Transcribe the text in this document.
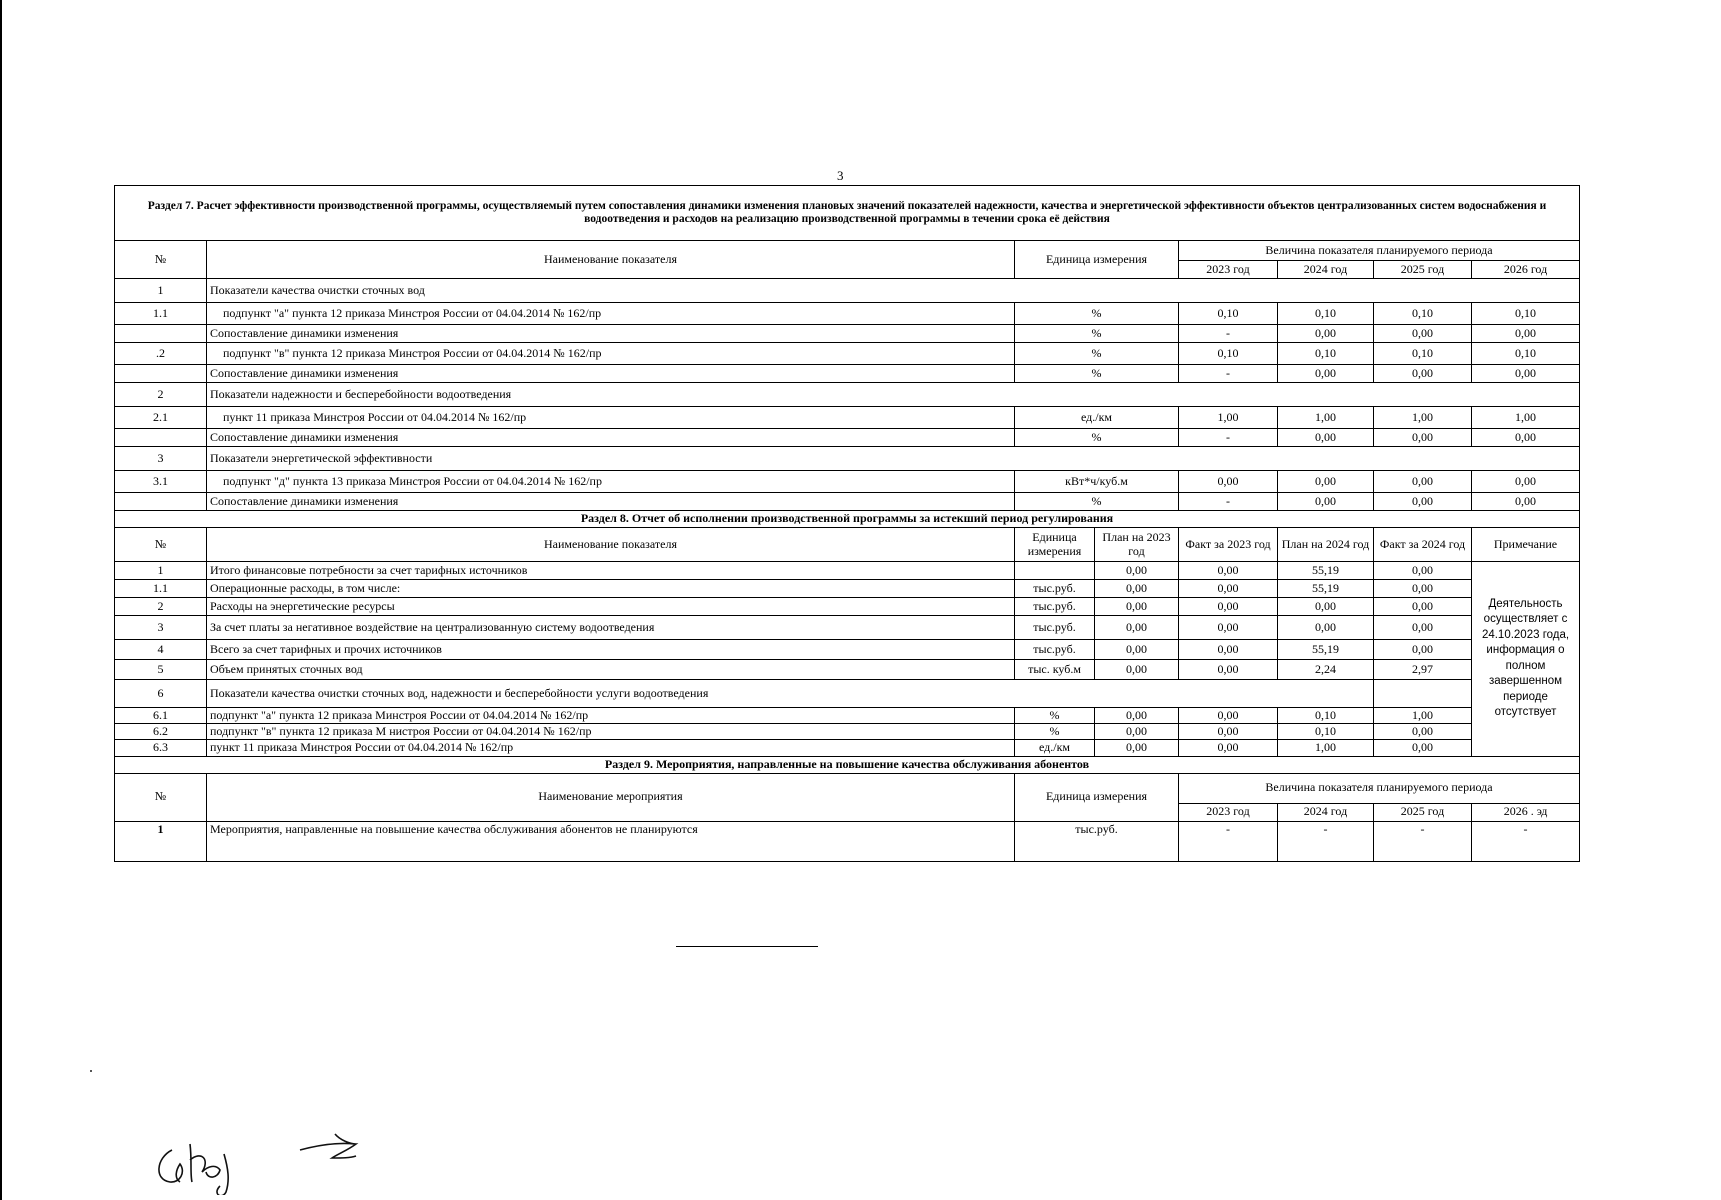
3
Раздел 7. Расчет эффективности производственной программы, осуществляемый путем сопоставления динамики изменения плановых значений показателей надежности, качества и энергетической эффективности объектов централизованных систем водоснабжения и водоотведения и расходов на реализацию производственной программы в течении срока её действия							
№	Наименование показателя	Единица измерения		Величина показателя планируемого периода			
				2023 год	2024 год	2025 год	2026 год
1	Показатели качества очистки сточных вод						
1.1	подпункт "а" пункта 12 приказа Минстроя России от 04.04.2014 № 162/пр	%		0,10	0,10	0,10	0,10
	Сопоставление динамики изменения	%		-	0,00	0,00	0,00
.2	подпункт "в" пункта 12 приказа Минстроя России от 04.04.2014 № 162/пр	%		0,10	0,10	0,10	0,10
	Сопоставление динамики изменения	%		-	0,00	0,00	0,00
2	Показатели надежности и бесперебойности водоотведения						
2.1	пункт 11 приказа Минстроя России от 04.04.2014 № 162/пр	ед./км		1,00	1,00	1,00	1,00
	Сопоставление динамики изменения	%		-	0,00	0,00	0,00
3	Показатели энергетической эффективности						
3.1	подпункт "д" пункта 13 приказа Минстроя России от 04.04.2014 № 162/пр	кВт*ч/куб.м		0,00	0,00	0,00	0,00
	Сопоставление динамики изменения	%		-	0,00	0,00	0,00
Раздел 8. Отчет об исполнении производственной программы за истекший период регулирования							
№	Наименование показателя	Единица измерения	План на 2023 год	Факт за 2023 год	План на 2024 год	Факт за 2024 год	Примечание
1	Итого финансовые потребности за счет тарифных источников		0,00	0,00	55,19	0,00	Деятельность осуществляет с 24.10.2023 года, информация о полном завершенном периоде отсутствует
1.1	Операционные расходы, в том числе:	тыс.руб.	0,00	0,00	55,19	0,00	
2	Расходы на энергетические ресурсы	тыс.руб.	0,00	0,00	0,00	0,00	
3	За счет платы за негативное воздействие на централизованную систему водоотведения	тыс.руб.	0,00	0,00	0,00	0,00	
4	Всего за счет тарифных и прочих источников	тыс.руб.	0,00	0,00	55,19	0,00	
5	Объем принятых сточных вод	тыс. куб.м	0,00	0,00	2,24	2,97	
6	Показатели качества очистки сточных вод, надежности и бесперебойности услуги водоотведения						
6.1	подпункт "а" пункта 12 приказа Минстроя России от 04.04.2014 № 162/пр	%	0,00	0,00	0,10	1,00	
6.2	подпункт "в" пункта 12 приказа М нистроя России от 04.04.2014 № 162/пр	%	0,00	0,00	0,10	0,00	
6.3	пункт 11 приказа Минстроя России от 04.04.2014 № 162/пр	ед./км	0,00	0,00	1,00	0,00	
Раздел 9. Мероприятия, направленные на повышение качества обслуживания абонентов							
№	Наименование мероприятия	Единица измерения		Величина показателя планируемого периода			
				2023 год	2024 год	2025 год	2026 . эд
1	Мероприятия, направленные на повышение качества обслуживания абонентов не планируются	тыс.руб.		-	-	-	-
